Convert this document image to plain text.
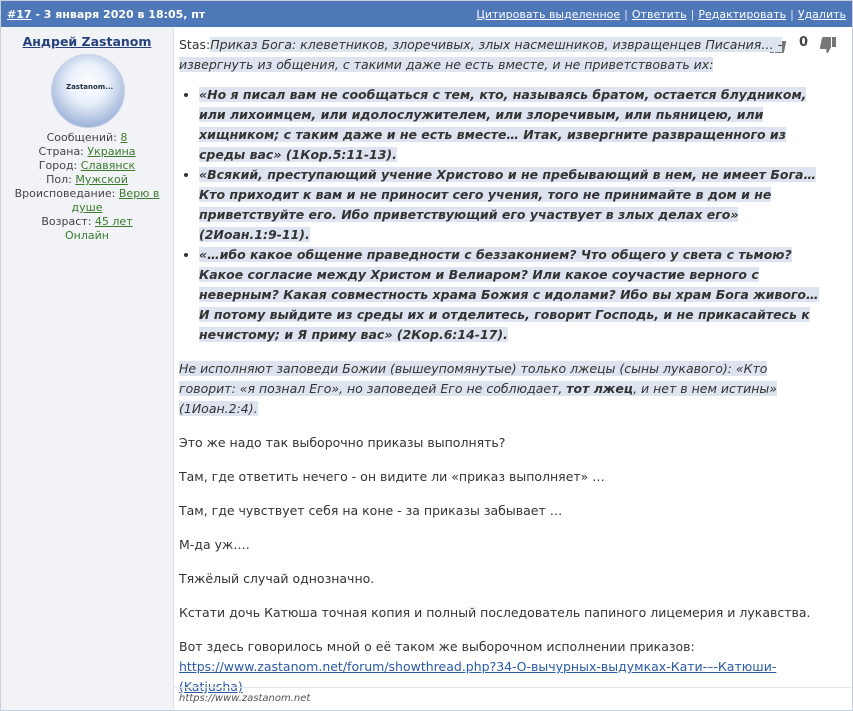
#17 - 3 января 2020 в 18:05, пт	Цитировать выделенное | Ответить | Редактировать | Удалить
Андрей Zastanom
Zastanom...
Сообщений: 8
Страна: Украина
Город: Славянск
Пол: Мужской
Вроисповедание: Верю в душе
Возраст: 45 лет
Онлайн
0

Stas:Приказ Бога: клеветников, злоречивых, злых насмешников, извращенцев Писания… - извергнуть из общения, с такими даже не есть вместе, и не приветствовать их:

• «Но я писал вам не сообщаться с тем, кто, называясь братом, остается блудником, или лихоимцем, или идолослужителем, или злоречивым, или пьяницею, или хищником; с таким даже и не есть вместе… Итак, извергните развращенного из среды вас» (1Кор.5:11-13).
• «Всякий, преступающий учение Христово и не пребывающий в нем, не имеет Бога… Кто приходит к вам и не приносит сего учения, того не принимайте в дом и не приветствуйте его. Ибо приветствующий его участвует в злых делах его» (2Иоан.1:9-11).
• «…ибо какое общение праведности с беззаконием? Что общего у света с тьмою? Какое согласие между Христом и Велиаром? Или какое соучастие верного с неверным? Какая совместность храма Божия с идолами? Ибо вы храм Бога живого… И потому выйдите из среды их и отделитесь, говорит Господь, и не прикасайтесь к нечистому; и Я приму вас» (2Кор.6:14-17).

Не исполняют заповеди Божии (вышеупомянутые) только лжецы (сыны лукавого): «Кто говорит: «я познал Его», но заповедей Его не соблюдает, тот лжец, и нет в нем истины» (1Иоан.2:4).

Это же надо так выборочно приказы выполнять?

Там, где ответить нечего - он видите ли «приказ выполняет» …

Там, где чувствует себя на коне - за приказы забывает …

М-да уж….

Тяжёлый случай однозначно.

Кстати дочь Катюша точная копия и полный последователь папиного лицемерия и лукавства.

Вот здесь говорилось мной о её таком же выборочном исполнении приказов:

https://www.zastanom.net/forum/showthread.php?34-О-вычурных-выдумках-Кати-–-Катюши-(Katjusha)

https://www.zastanom.net
